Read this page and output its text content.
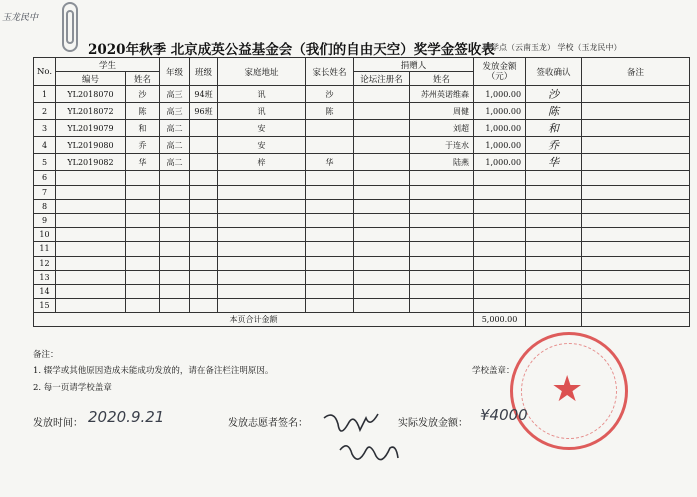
玉龙民中
2020年秋季 北京成英公益基金会（我们的自由天空）奖学金签收表
助学点（云南玉龙） 学校（玉龙民中）
No.	学生		年级	班级	家庭地址	家长姓名	捐赠人		发放金额（元）	签收确认	备注
	编号	姓名					论坛注册名	姓名			
1	YL2018070	沙	高三	94班	讯	沙		苏州英诺维森	1,000.00	沙	
2	YL2018072	陈	高三	96班	讯	陈		周健	1,000.00	陈	
3	YL2019079	和	高二		安			刘超	1,000.00	和	
4	YL2019080	乔	高二		安			于连水	1,000.00	乔	
5	YL2019082	华	高二		梓	华		陆燕	1,000.00	华	
6											
7											
8											
9											
10											
11											
12											
13											
14											
15											
本页合计金额									5,000.00		
备注：
1. 辍学或其他原因造成未能成功发放的，请在备注栏注明原因。
2. 每一页请学校盖章
学校盖章： ★
发放时间： 2020.9.21	发放志愿者签名：	实际发放金额： ¥4000
